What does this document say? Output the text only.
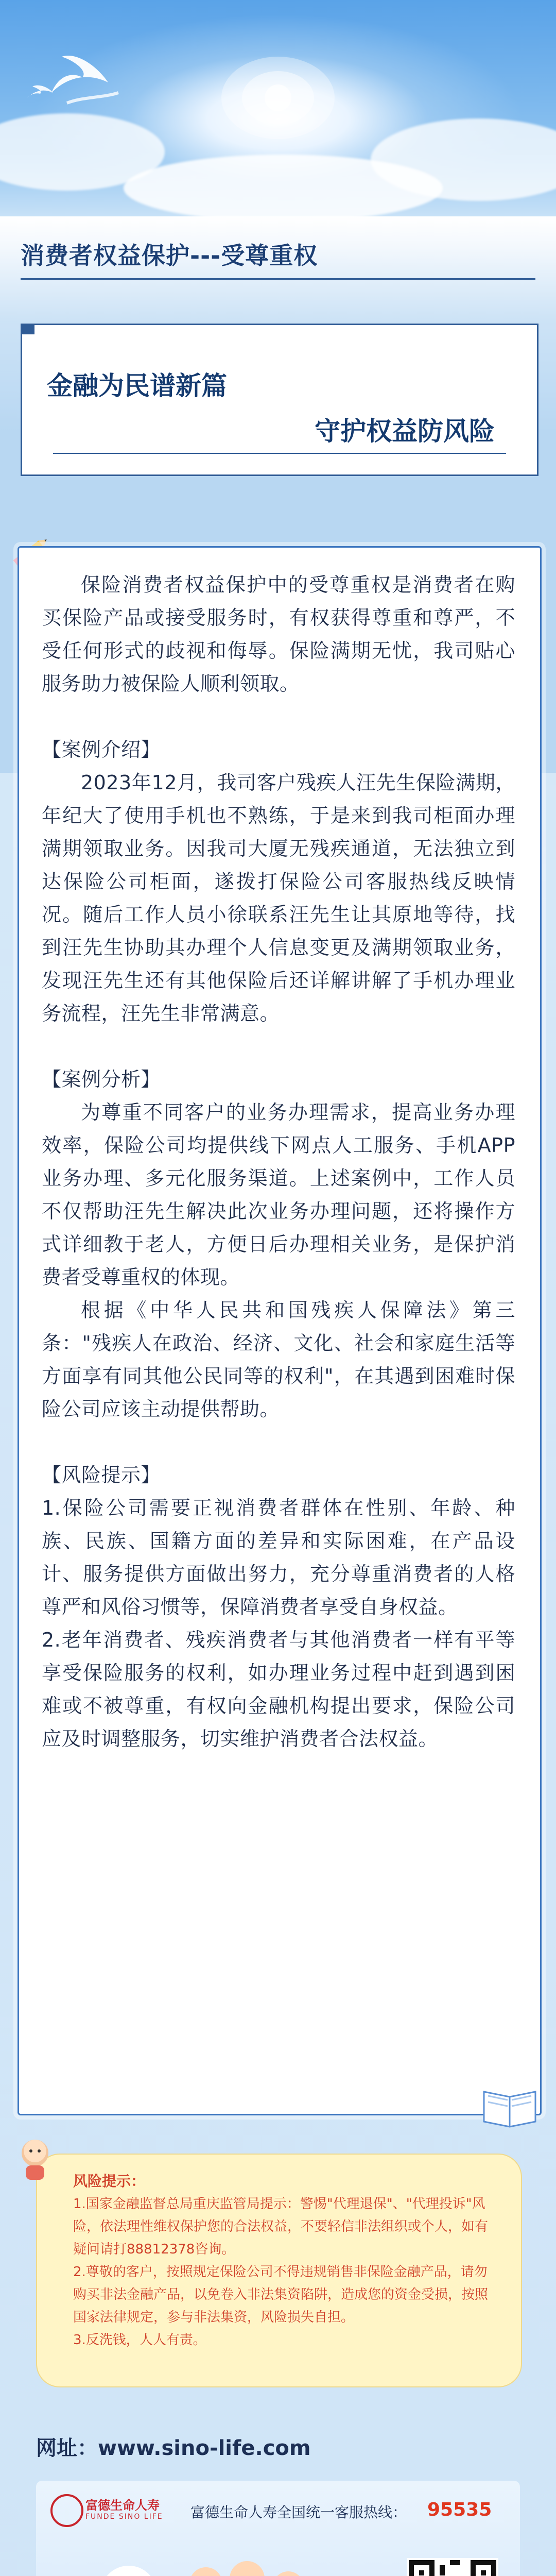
消费者权益保护---受尊重权
金融为民谱新篇
守护权益防风险

保险消费者权益保护中的受尊重权是消费者在购买保险产品或接受服务时，有权获得尊重和尊严，不受任何形式的歧视和侮辱。保险满期无忧，我司贴心服务助力被保险人顺利领取。

【案例介绍】

2023年12月，我司客户残疾人汪先生保险满期，年纪大了使用手机也不熟练，于是来到我司柜面办理满期领取业务。因我司大厦无残疾通道，无法独立到达保险公司柜面，遂拨打保险公司客服热线反映情况。随后工作人员小徐联系汪先生让其原地等待，找到汪先生协助其办理个人信息变更及满期领取业务，发现汪先生还有其他保险后还详解讲解了手机办理业务流程，汪先生非常满意。

【案例分析】

为尊重不同客户的业务办理需求，提高业务办理效率，保险公司均提供线下网点人工服务、手机APP业务办理、多元化服务渠道。上述案例中，工作人员不仅帮助汪先生解决此次业务办理问题，还将操作方式详细教于老人，方便日后办理相关业务，是保护消费者受尊重权的体现。

根据《中华人民共和国残疾人保障法》第三条："残疾人在政治、经济、文化、社会和家庭生活等方面享有同其他公民同等的权利"，在其遇到困难时保险公司应该主动提供帮助。

【风险提示】

1.保险公司需要正视消费者群体在性别、年龄、种族、民族、国籍方面的差异和实际困难，在产品设计、服务提供方面做出努力，充分尊重消费者的人格尊严和风俗习惯等，保障消费者享受自身权益。

2.老年消费者、残疾消费者与其他消费者一样有平等享受保险服务的权利，如办理业务过程中赶到遇到困难或不被尊重，有权向金融机构提出要求，保险公司应及时调整服务，切实维护消费者合法权益。

风险提示：

1.国家金融监督总局重庆监管局提示：警惕"代理退保"、"代理投诉"风险，依法理性维权保护您的合法权益，不要轻信非法组织或个人，如有疑问请打88812378咨询。

2.尊敬的客户，按照规定保险公司不得违规销售非保险金融产品，请勿购买非法金融产品，以免卷入非法集资陷阱，造成您的资金受损，按照国家法律规定，参与非法集资，风险损失自担。

3.反洗钱，人人有责。

网址：www.sino-life.com
富德生命人寿
FUNDE SINO LIFE 富德生命人寿全国统一客服热线： 95535
